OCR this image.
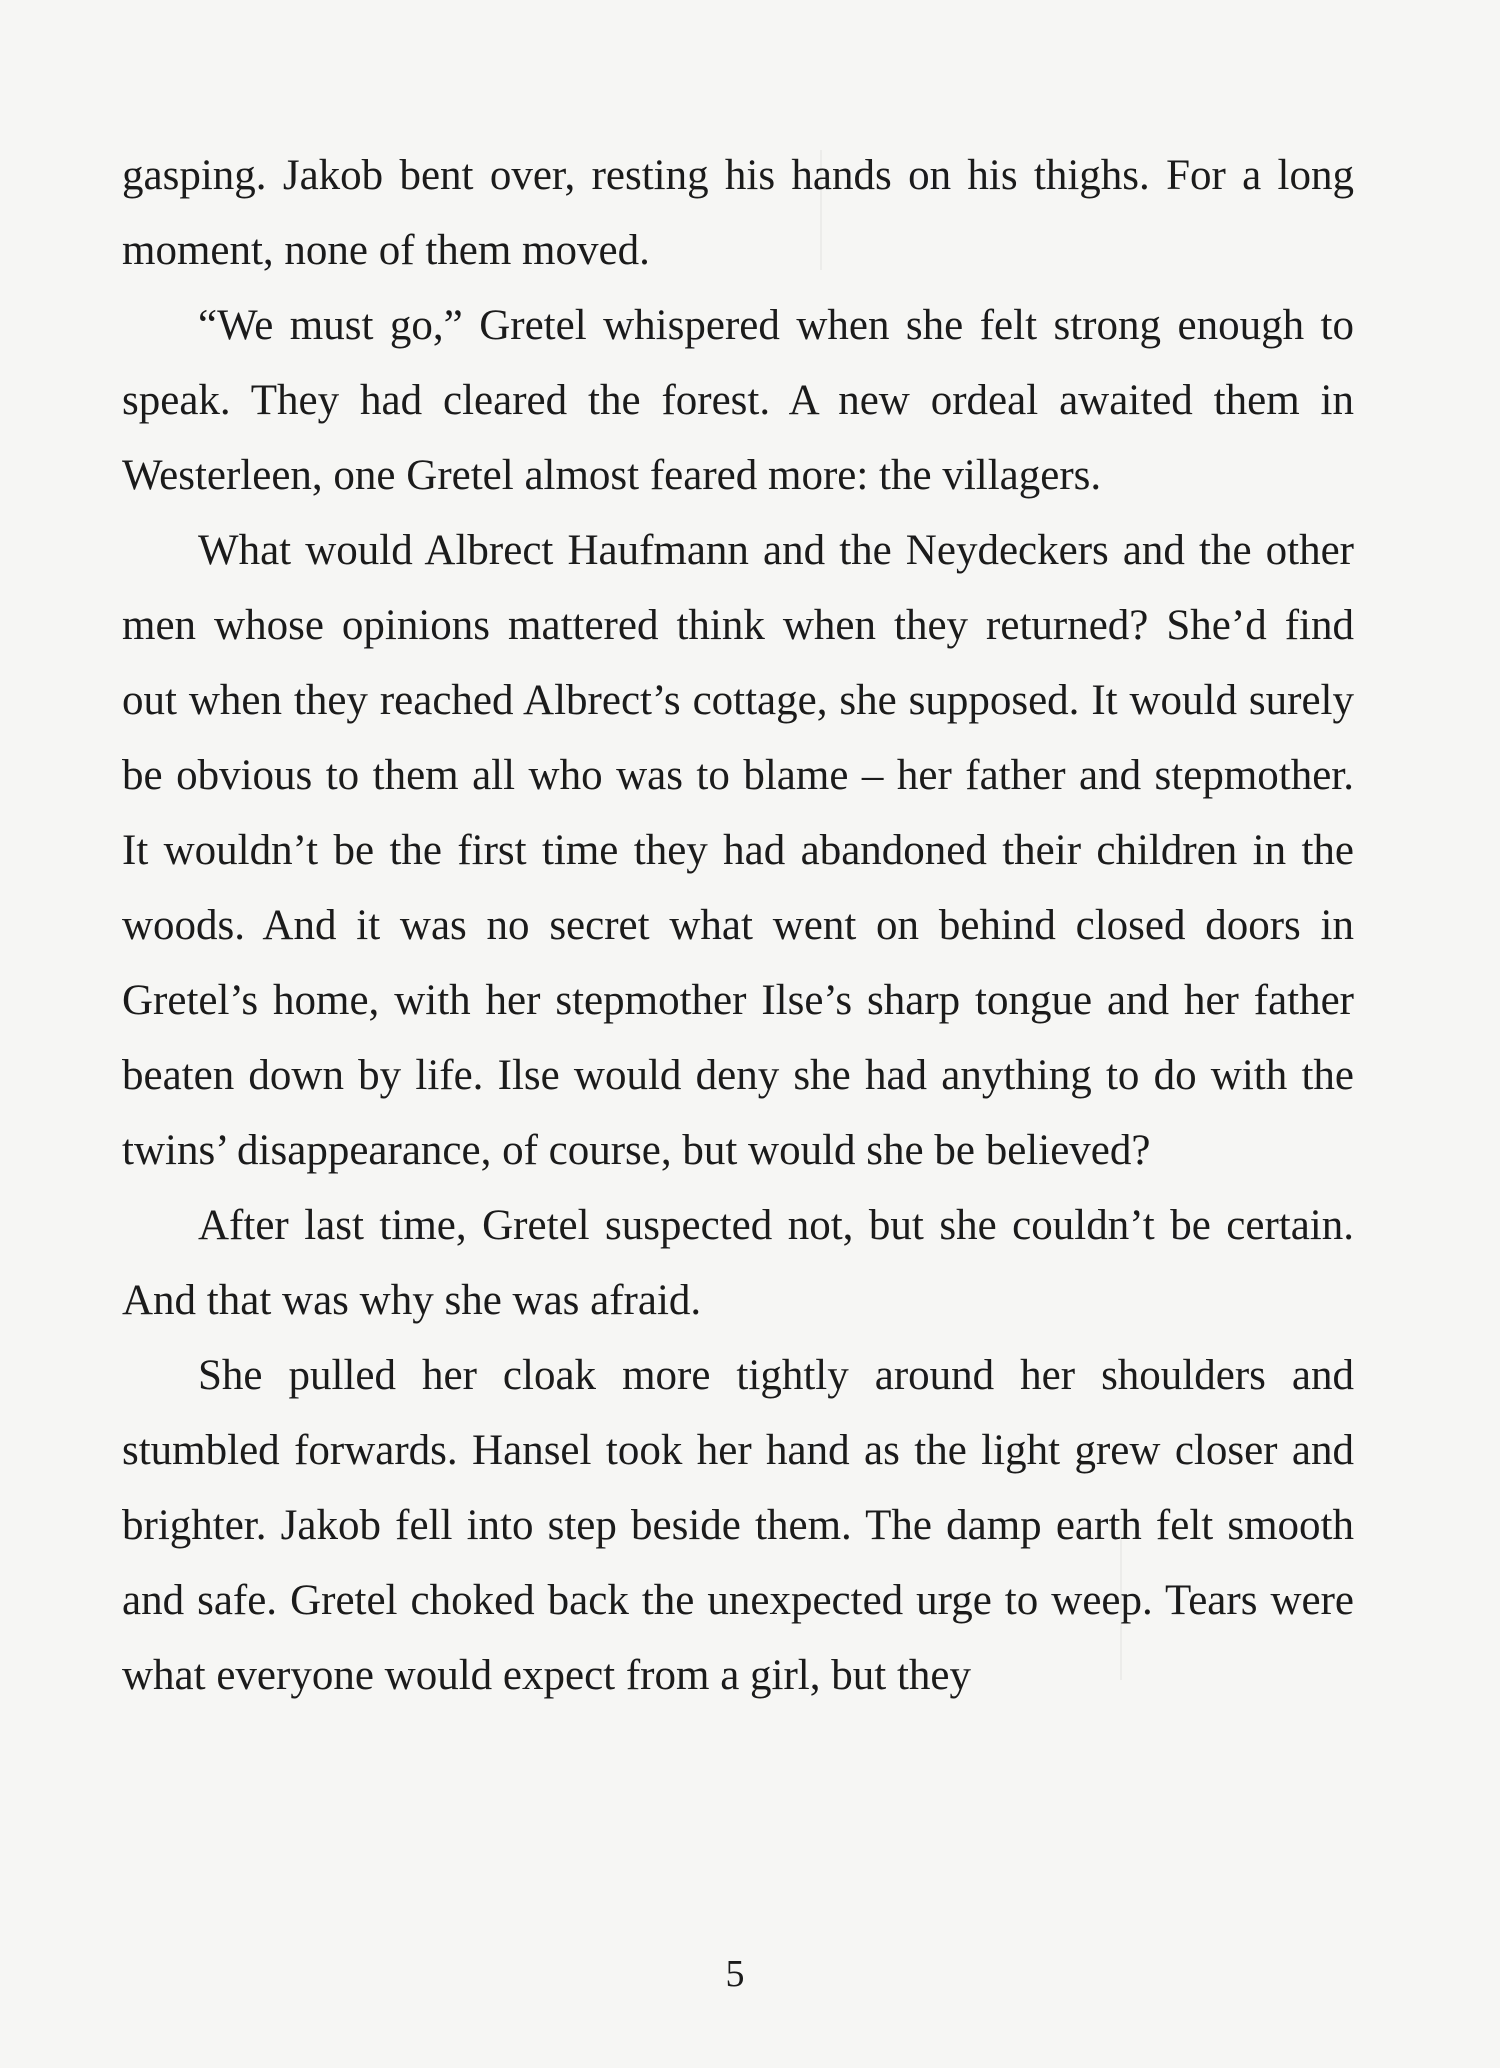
gasping. Jakob bent over, resting his hands on his thighs. For a long moment, none of them moved.

“We must go,” Gretel whispered when she felt strong enough to speak. They had cleared the forest. A new ordeal awaited them in Westerleen, one Gretel almost feared more: the villagers.

What would Albrect Haufmann and the Neydeckers and the other men whose opinions mattered think when they returned? She’d find out when they reached Albrect’s cottage, she supposed. It would surely be obvious to them all who was to blame – her father and stepmother. It wouldn’t be the first time they had abandoned their children in the woods. And it was no secret what went on behind closed doors in Gretel’s home, with her stepmother Ilse’s sharp tongue and her father beaten down by life. Ilse would deny she had anything to do with the twins’ disappearance, of course, but would she be believed?

After last time, Gretel suspected not, but she couldn’t be certain. And that was why she was afraid.

She pulled her cloak more tightly around her shoulders and stumbled forwards. Hansel took her hand as the light grew closer and brighter. Jakob fell into step beside them. The damp earth felt smooth and safe. Gretel choked back the unexpected urge to weep. Tears were what everyone would expect from a girl, but they

5
